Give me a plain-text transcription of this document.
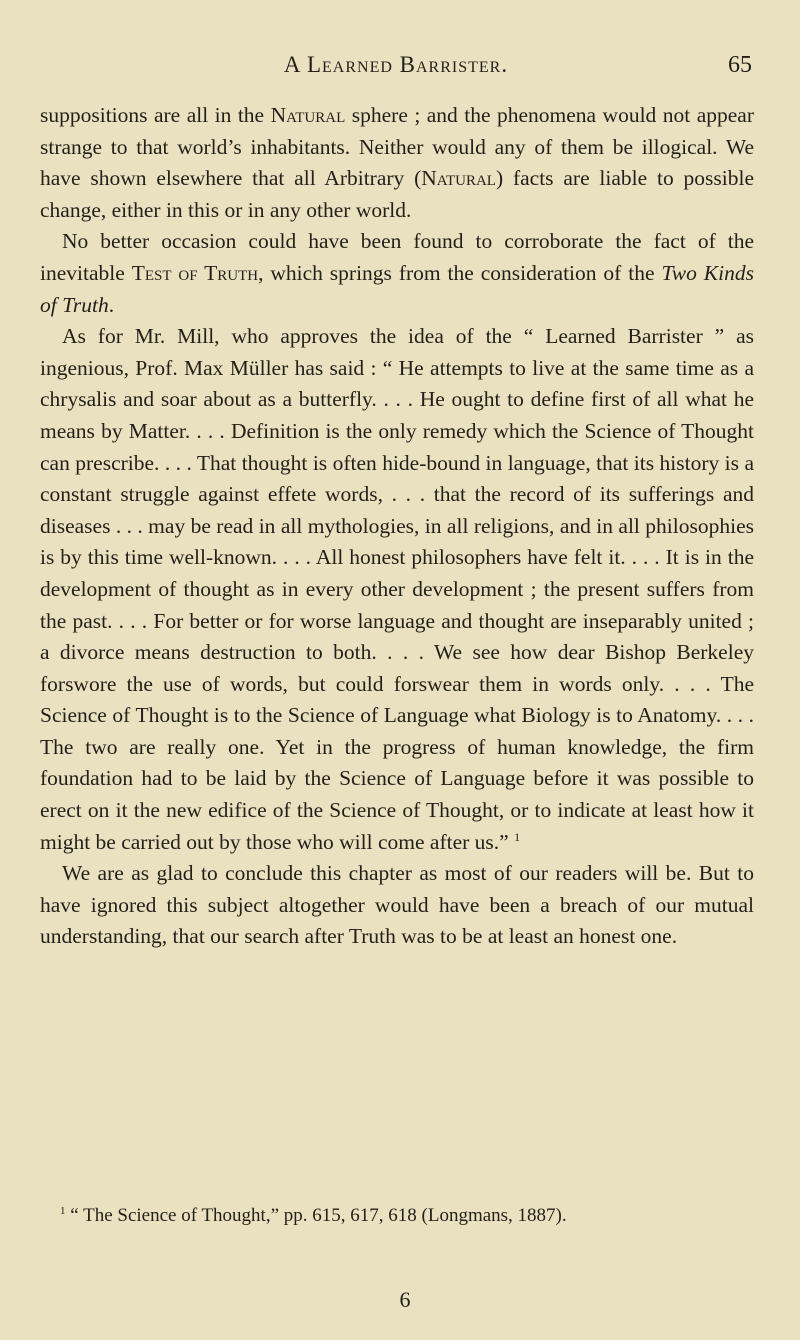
A Learned Barrister.	65

suppositions are all in the Natural sphere ; and the phenomena would not appear strange to that world’s inhabitants. Neither would any of them be illogical. We have shown elsewhere that all Arbitrary (Natural) facts are liable to possible change, either in this or in any other world.

No better occasion could have been found to corroborate the fact of the inevitable Test of Truth, which springs from the consideration of the Two Kinds of Truth.

As for Mr. Mill, who approves the idea of the “ Learned Barrister ” as ingenious, Prof. Max Müller has said : “ He attempts to live at the same time as a chrysalis and soar about as a butterfly. . . . He ought to define first of all what he means by Matter. . . . Definition is the only remedy which the Science of Thought can prescribe. . . . That thought is often hide-bound in language, that its history is a constant struggle against effete words, . . . that the record of its sufferings and diseases . . . may be read in all mythologies, in all religions, and in all philosophies is by this time well-known. . . . All honest philosophers have felt it. . . . It is in the development of thought as in every other development ; the present suffers from the past. . . . For better or for worse language and thought are inseparably united ; a divorce means destruction to both. . . . We see how dear Bishop Berkeley forswore the use of words, but could forswear them in words only. . . . The Science of Thought is to the Science of Language what Biology is to Anatomy. . . . The two are really one. Yet in the progress of human knowledge, the firm foundation had to be laid by the Science of Language before it was possible to erect on it the new edifice of the Science of Thought, or to indicate at least how it might be carried out by those who will come after us.” $^1$

We are as glad to conclude this chapter as most of our readers will be. But to have ignored this subject altogether would have been a breach of our mutual understanding, that our search after Truth was to be at least an honest one.

$^1$ “ The Science of Thought,” pp. 615, 617, 618 (Longmans, 1887).
6
